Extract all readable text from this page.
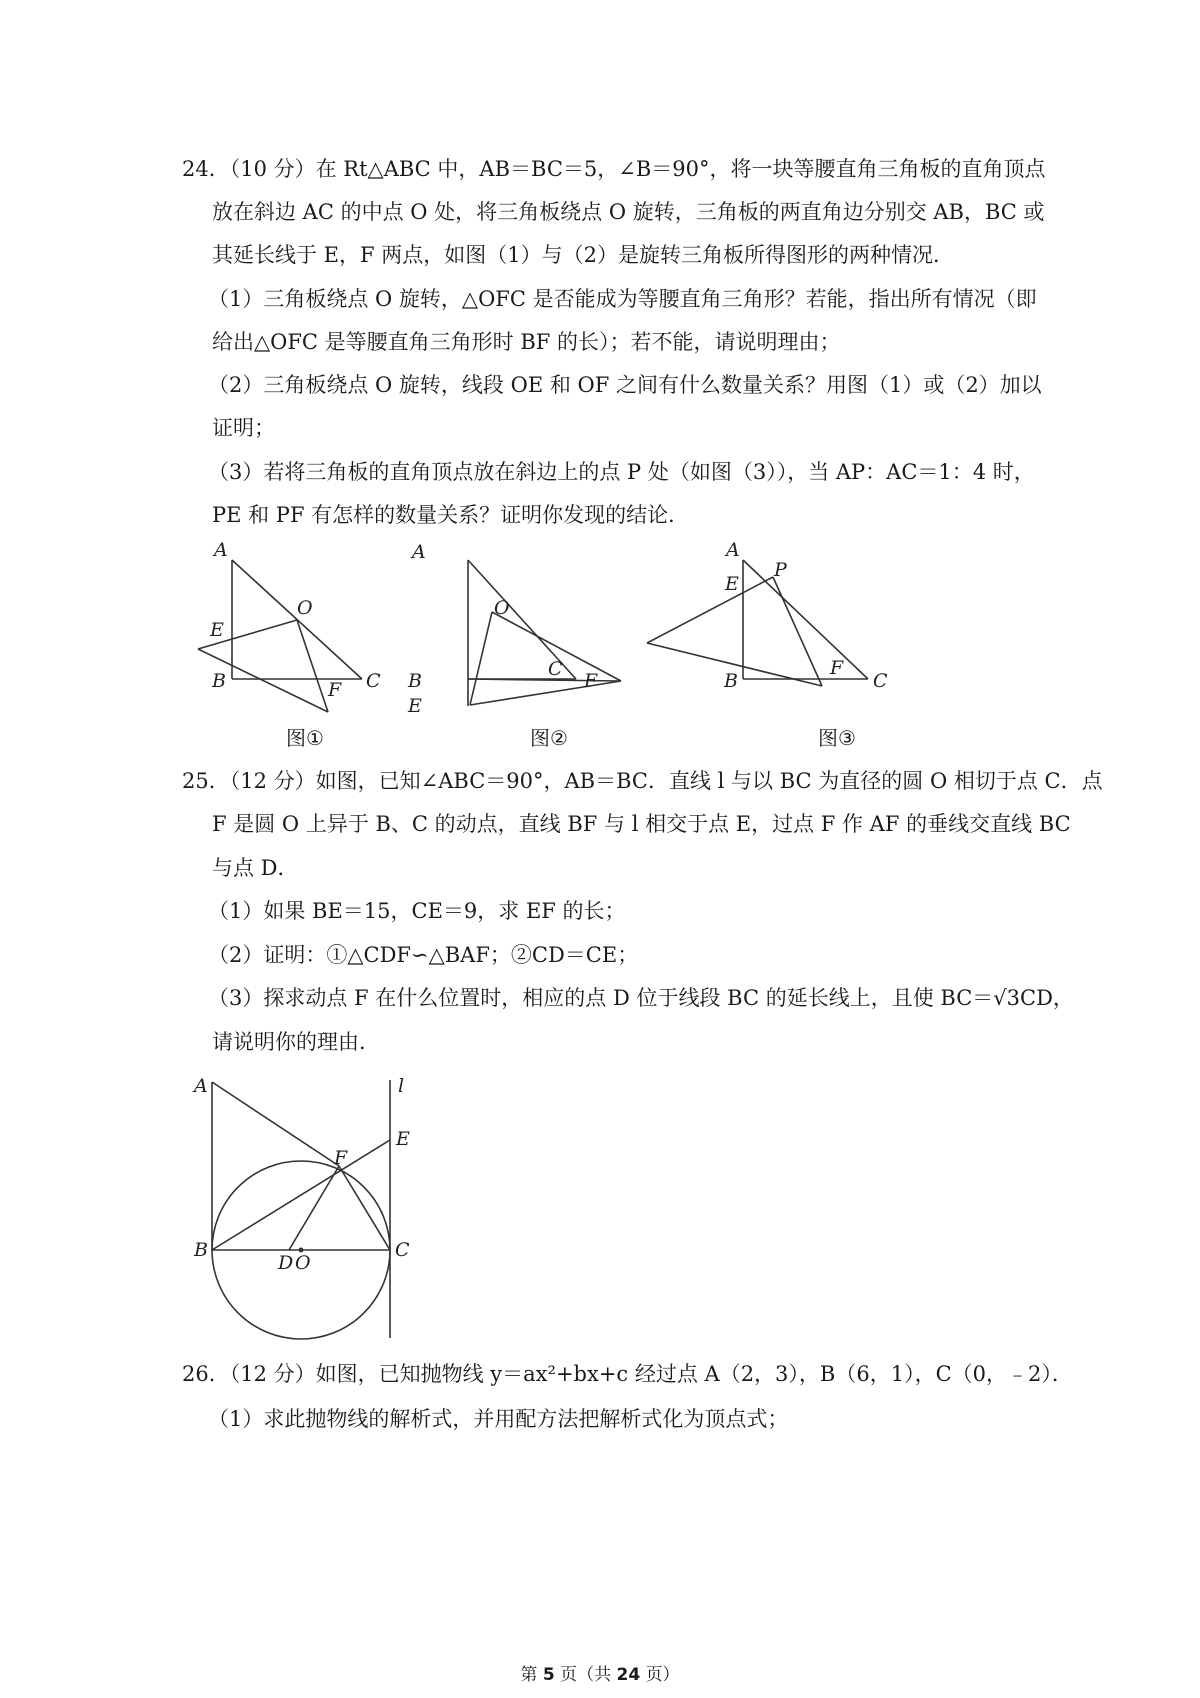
24．（10 分）在 Rt△ABC 中，AB＝BC＝5，∠B＝90°，将一块等腰直角三角板的直角顶点
放在斜边 AC 的中点 O 处，将三角板绕点 O 旋转，三角板的两直角边分别交 AB，BC 或
其延长线于 E，F 两点，如图（1）与（2）是旋转三角板所得图形的两种情况．
（1）三角板绕点 O 旋转，△OFC 是否能成为等腰直角三角形？若能，指出所有情况（即
给出△OFC 是等腰直角三角形时 BF 的长）；若不能，请说明理由；
（2）三角板绕点 O 旋转，线段 OE 和 OF 之间有什么数量关系？用图（1）或（2）加以
证明；
（3）若将三角板的直角顶点放在斜边上的点 P 处（如图（3）），当 AP：AC＝1：4 时，
PE 和 PF 有怎样的数量关系？证明你发现的结论．
A
O
E
B	C
F
图①
A
O
C
B
E
F
图②
A
P
E
B
F
C
图③
25．（12 分）如图，已知∠ABC＝90°，AB＝BC．直线 l 与以 BC 为直径的圆 O 相切于点 C．点
F 是圆 O 上异于 B、C 的动点，直线 BF 与 l 相交于点 E，过点 F 作 AF 的垂线交直线 BC
与点 D．
（1）如果 BE＝15，CE＝9，求 EF 的长；
（2）证明：①△CDF∽△BAF；②CD＝CE；
（3）探求动点 F 在什么位置时，相应的点 D 位于线段 BC 的延长线上，且使 BC＝√3CD，
请说明你的理由．
A	l
E
F
B
D O
C
26．（12 分）如图，已知抛物线 y＝ax²+bx+c 经过点 A（2，3），B（6，1），C（0，﹣2）．
（1）求此抛物线的解析式，并用配方法把解析式化为顶点式；
第 5 页（共 24 页）
